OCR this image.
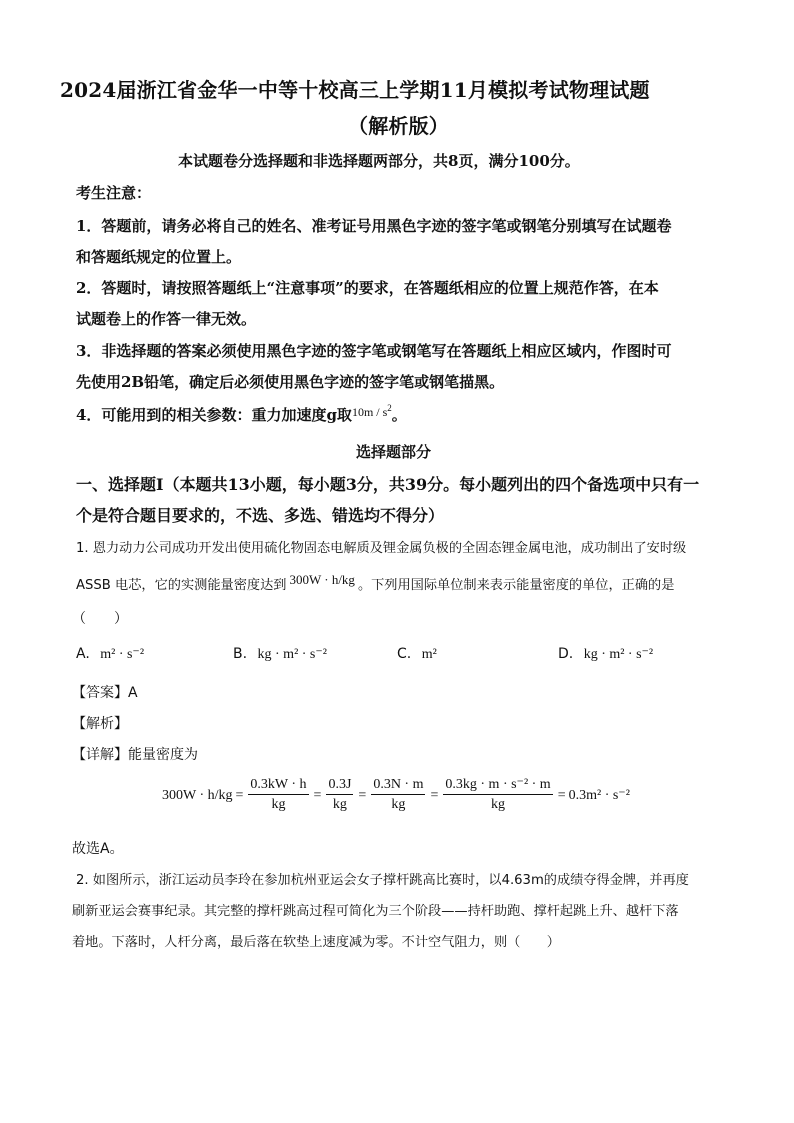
2024届浙江省金华一中等十校高三上学期11月模拟考试物理试题
（解析版）
本试题卷分选择题和非选择题两部分，共8页，满分100分。
考生注意：
1．答题前，请务必将自己的姓名、准考证号用黑色字迹的签字笔或钢笔分别填写在试题卷
和答题纸规定的位置上。
2．答题时，请按照答题纸上“注意事项”的要求，在答题纸相应的位置上规范作答，在本
试题卷上的作答一律无效。
3．非选择题的答案必须使用黑色字迹的签字笔或钢笔写在答题纸上相应区域内，作图时可
先使用2B铅笔，确定后必须使用黑色字迹的签字笔或钢笔描黑。
4．可能用到的相关参数：重力加速度g取$^{10m / s^2}$。
选择题部分
一、选择题Ⅰ（本题共13小题，每小题3分，共39分。每小题列出的四个备选项中只有一
个是符合题目要求的，不选、多选、错选均不得分）
1. 恩力动力公司成功开发出使用硫化物固态电解质及锂金属负极的全固态锂金属电池，成功制出了安时级
ASSB 电芯，它的实测能量密度达到 300W · h/kg 。下列用国际单位制来表示能量密度的单位，正确的是
（　　）
A. m² · s⁻²	B. kg · m² · s⁻²	C. m²	D. kg · m² · s⁻²
【答案】A
【解析】
【详解】能量密度为
$300W \cdot h/kg = \frac{0.3kW \cdot h}{kg} = \frac{0.3J}{kg} = \frac{0.3N \cdot m}{kg} = \frac{\text{0.3kg · m · s⁻² · m}}{kg} = 0.3m^2 \cdot s^{-2}$
故选A。
2. 如图所示，浙江运动员李玲在参加杭州亚运会女子撑杆跳高比赛时，以4.63m的成绩夺得金牌，并再度
刷新亚运会赛事纪录。其完整的撑杆跳高过程可简化为三个阶段——持杆助跑、撑杆起跳上升、越杆下落
着地。下落时，人杆分离，最后落在软垫上速度减为零。不计空气阻力，则（　　）
